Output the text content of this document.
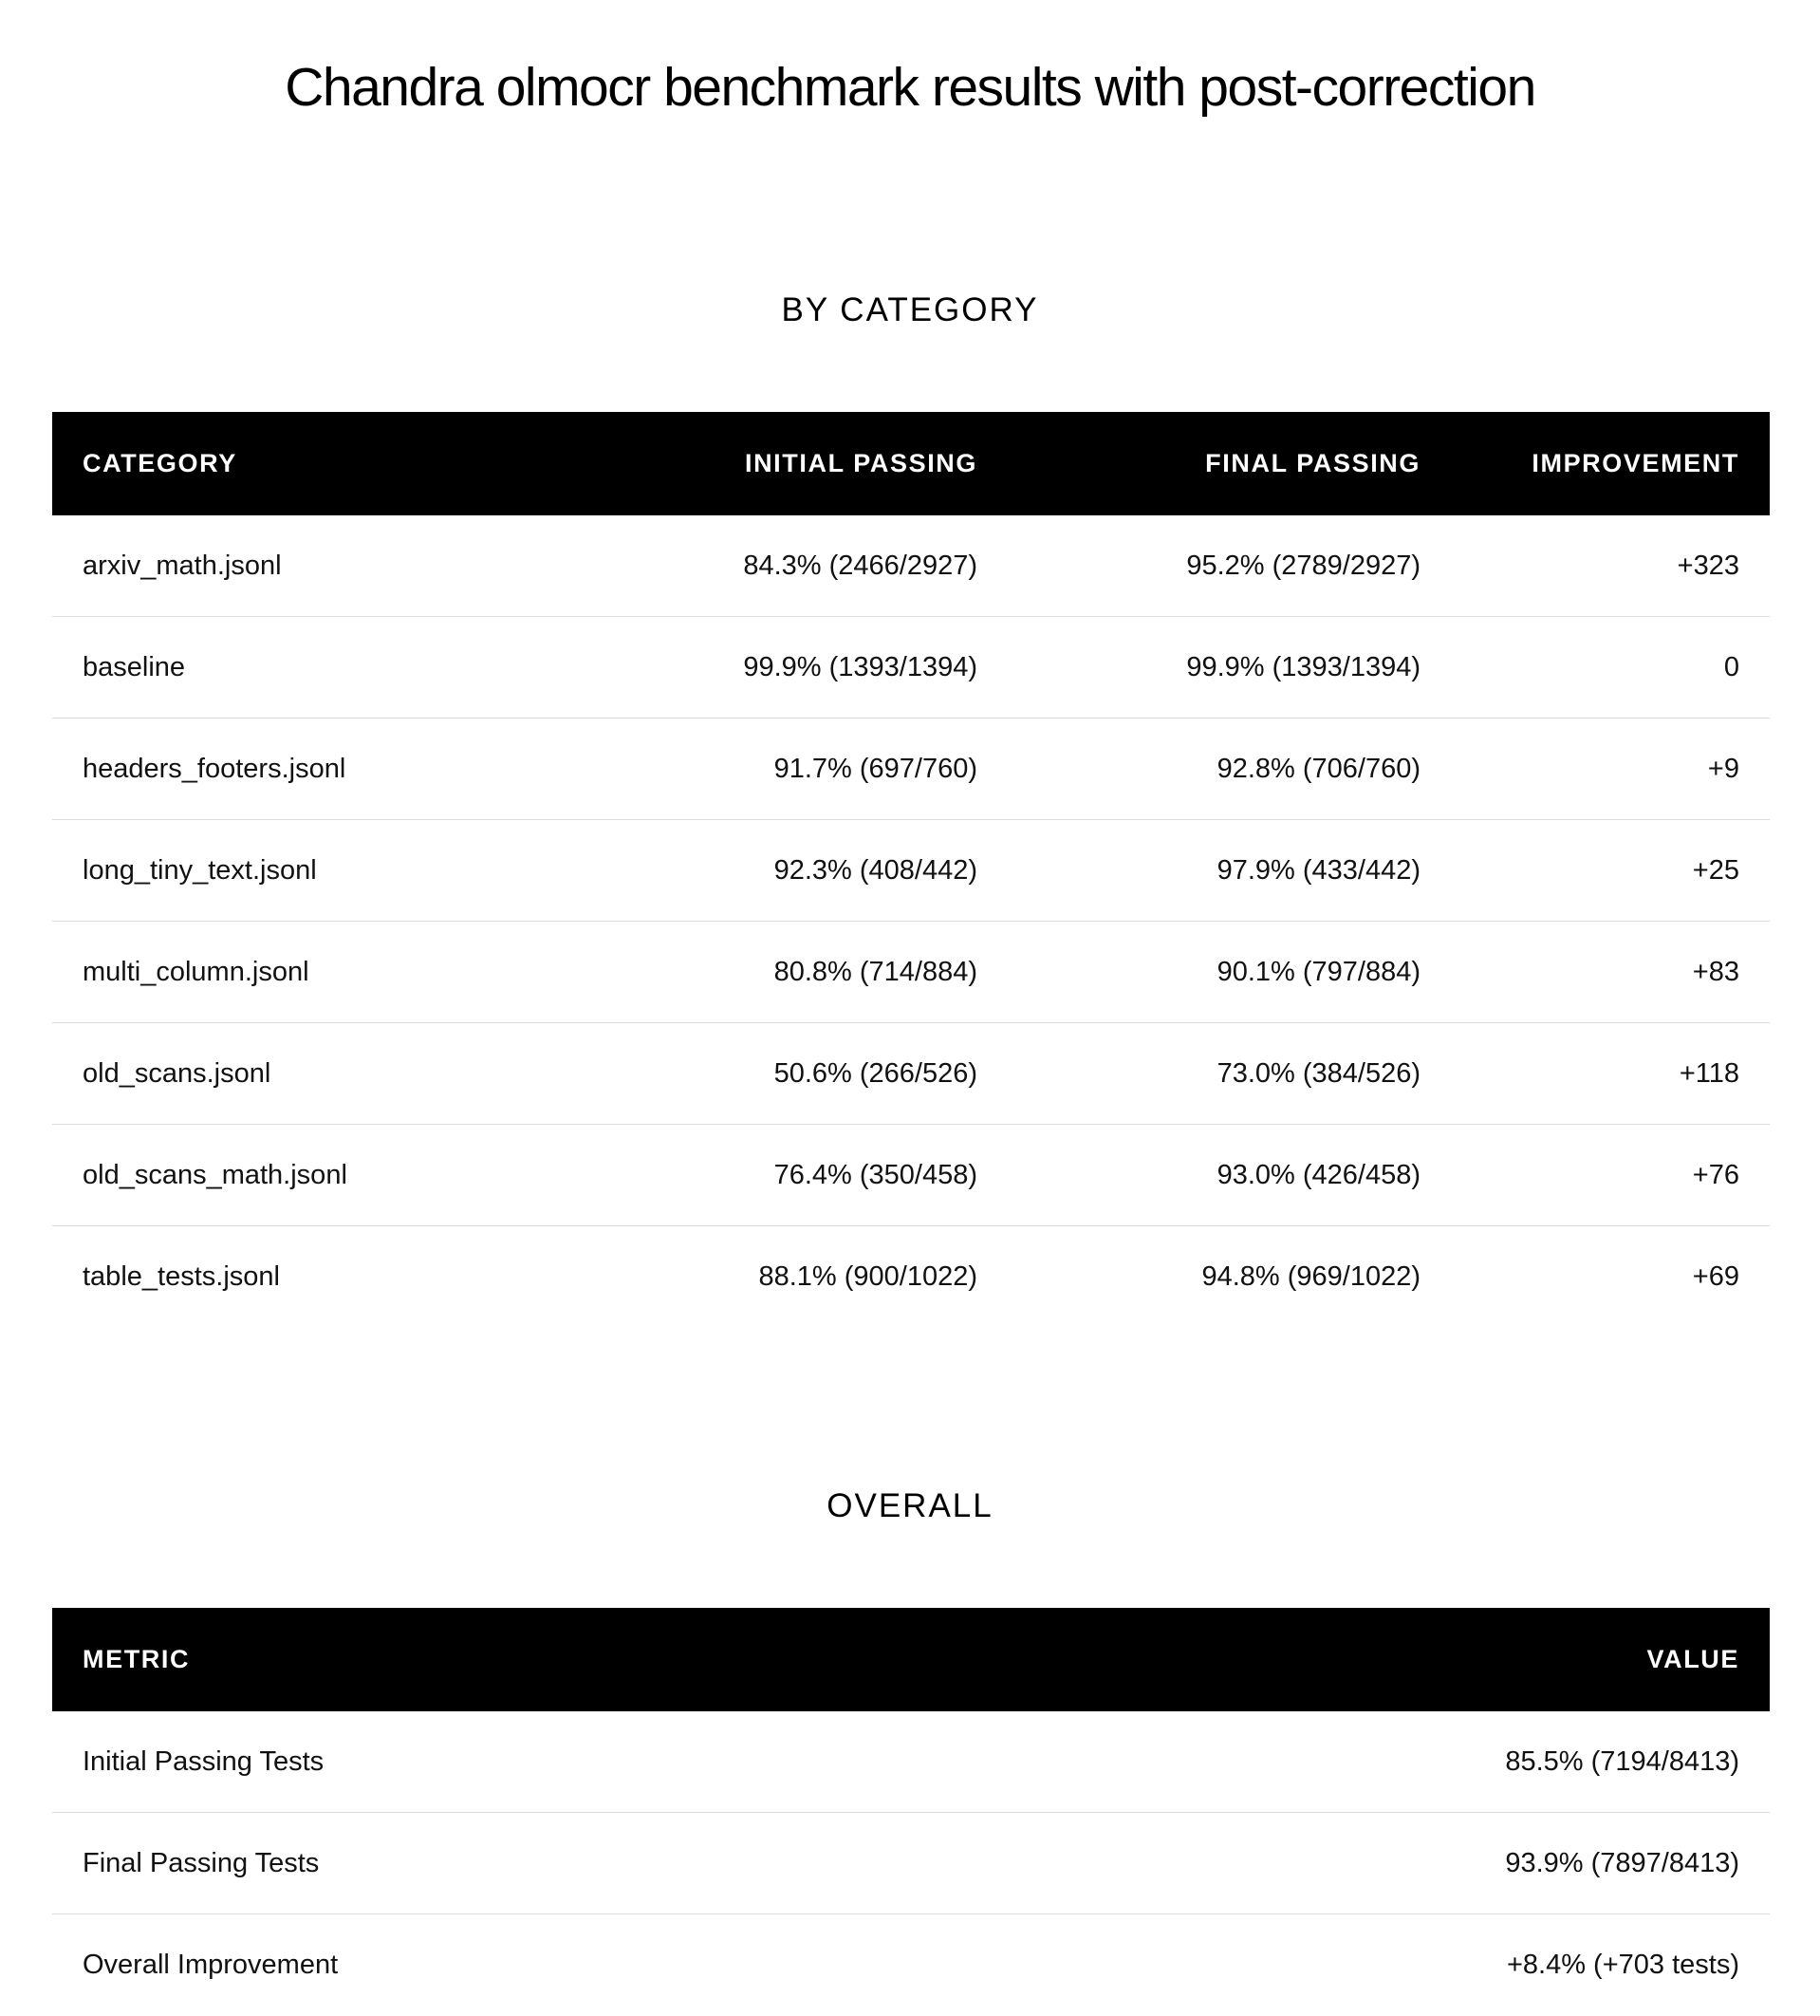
Chandra olmocr benchmark results with post-correction
BY CATEGORY
CATEGORY	INITIAL PASSING	FINAL PASSING	IMPROVEMENT
arxiv_math.jsonl	84.3% (2466/2927)	95.2% (2789/2927)	+323
baseline	99.9% (1393/1394)	99.9% (1393/1394)	0
headers_footers.jsonl	91.7% (697/760)	92.8% (706/760)	+9
long_tiny_text.jsonl	92.3% (408/442)	97.9% (433/442)	+25
multi_column.jsonl	80.8% (714/884)	90.1% (797/884)	+83
old_scans.jsonl	50.6% (266/526)	73.0% (384/526)	+118
old_scans_math.jsonl	76.4% (350/458)	93.0% (426/458)	+76
table_tests.jsonl	88.1% (900/1022)	94.8% (969/1022)	+69
OVERALL
METRIC	VALUE
Initial Passing Tests	85.5% (7194/8413)
Final Passing Tests	93.9% (7897/8413)
Overall Improvement	+8.4% (+703 tests)
